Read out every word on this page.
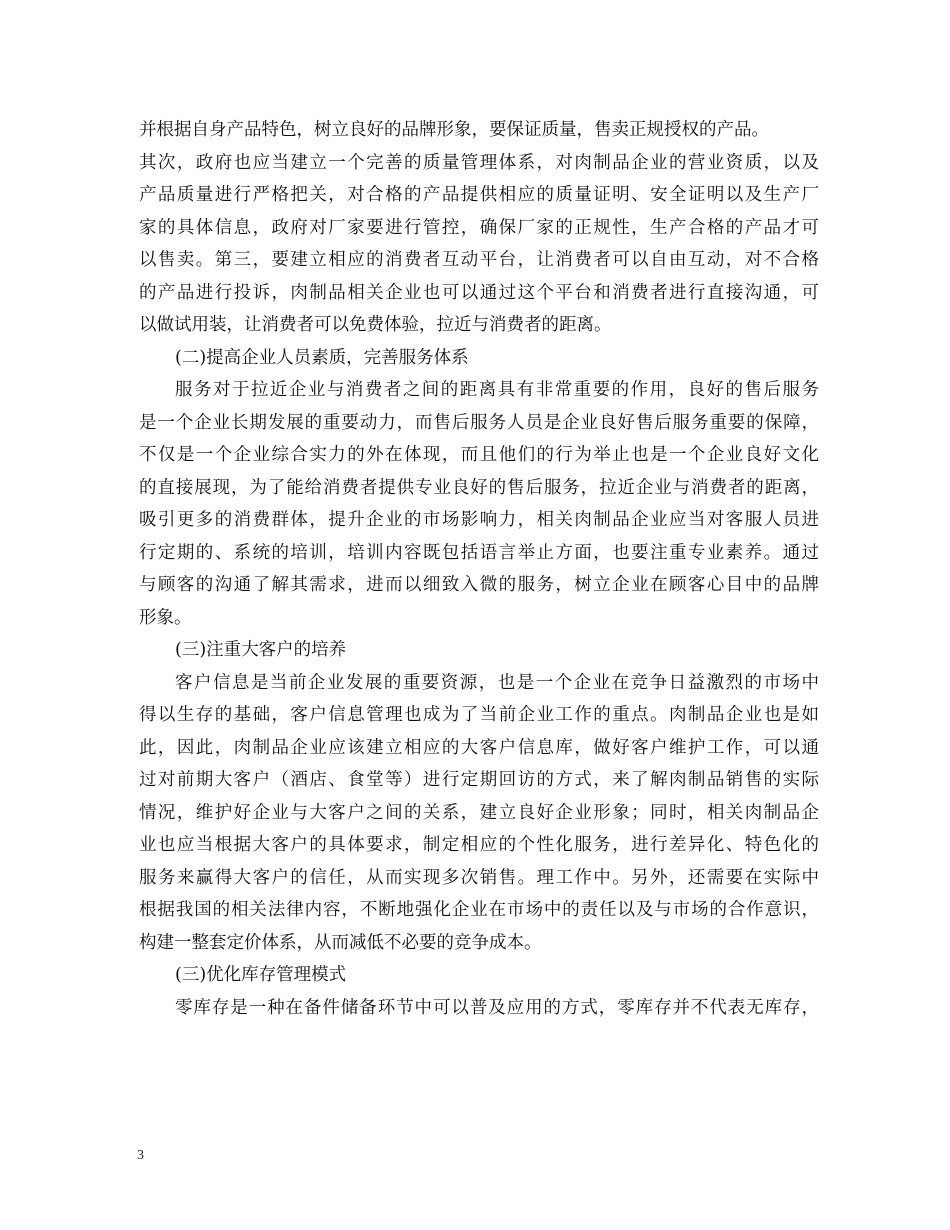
并根据自身产品特色，树立良好的品牌形象，要保证质量，售卖正规授权的产品。
其次，政府也应当建立一个完善的质量管理体系，对肉制品企业的营业资质，以及
产品质量进行严格把关，对合格的产品提供相应的质量证明、安全证明以及生产厂
家的具体信息，政府对厂家要进行管控，确保厂家的正规性，生产合格的产品才可
以售卖。第三，要建立相应的消费者互动平台，让消费者可以自由互动，对不合格
的产品进行投诉，肉制品相关企业也可以通过这个平台和消费者进行直接沟通，可
以做试用装，让消费者可以免费体验，拉近与消费者的距离。
(二)提高企业人员素质，完善服务体系
服务对于拉近企业与消费者之间的距离具有非常重要的作用，良好的售后服务
是一个企业长期发展的重要动力，而售后服务人员是企业良好售后服务重要的保障，
不仅是一个企业综合实力的外在体现，而且他们的行为举止也是一个企业良好文化
的直接展现，为了能给消费者提供专业良好的售后服务，拉近企业与消费者的距离，
吸引更多的消费群体，提升企业的市场影响力，相关肉制品企业应当对客服人员进
行定期的、系统的培训，培训内容既包括语言举止方面，也要注重专业素养。通过
与顾客的沟通了解其需求，进而以细致入微的服务，树立企业在顾客心目中的品牌
形象。
(三)注重大客户的培养
客户信息是当前企业发展的重要资源，也是一个企业在竞争日益激烈的市场中
得以生存的基础，客户信息管理也成为了当前企业工作的重点。肉制品企业也是如
此，因此，肉制品企业应该建立相应的大客户信息库，做好客户维护工作，可以通
过对前期大客户（酒店、食堂等）进行定期回访的方式，来了解肉制品销售的实际
情况，维护好企业与大客户之间的关系，建立良好企业形象；同时，相关肉制品企
业也应当根据大客户的具体要求，制定相应的个性化服务，进行差异化、特色化的
服务来赢得大客户的信任，从而实现多次销售。理工作中。另外，还需要在实际中
根据我国的相关法律内容，不断地强化企业在市场中的责任以及与市场的合作意识，
构建一整套定价体系，从而减低不必要的竞争成本。
(三)优化库存管理模式
零库存是一种在备件储备环节中可以普及应用的方式，零库存并不代表无库存，
3
